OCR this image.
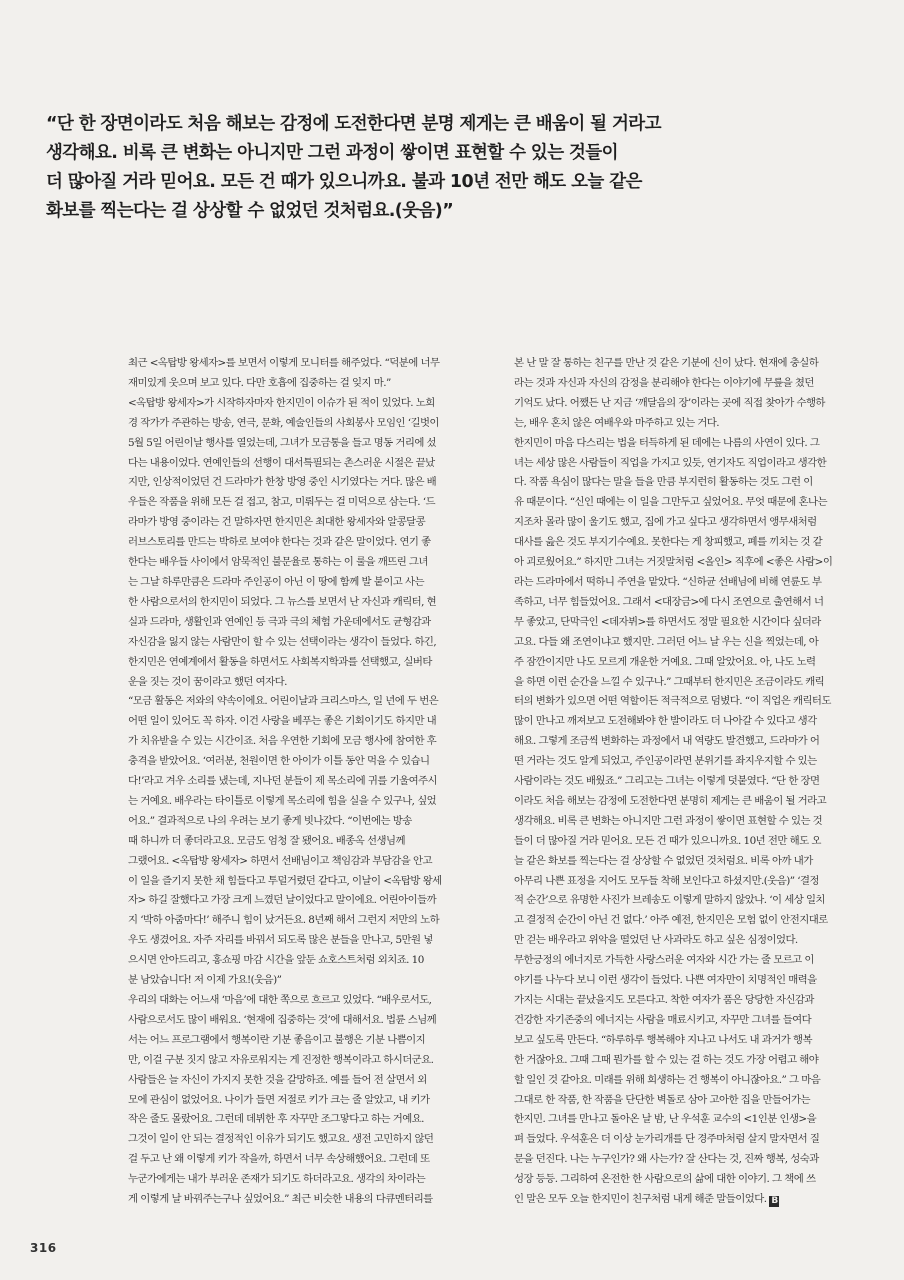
“단 한 장면이라도 처음 해보는 감정에 도전한다면 분명 제게는 큰 배움이 될 거라고

생각해요. 비록 큰 변화는 아니지만 그런 과정이 쌓이면 표현할 수 있는 것들이

더 많아질 거라 믿어요. 모든 건 때가 있으니까요. 불과 10년 전만 해도 오늘 같은

화보를 찍는다는 걸 상상할 수 없었던 것처럼요.(웃음)”

최근 <옥탑방 왕세자>를 보면서 이렇게 모니터를 해주었다. “덕분에 너무

재미있게 웃으며 보고 있다. 다만 호흡에 집중하는 걸 잊지 마.”

<옥탑방 왕세자>가 시작하자마자 한지민이 이슈가 된 적이 있었다. 노희

경 작가가 주관하는 방송, 연극, 문화, 예술인들의 사회봉사 모임인 ‘길벗이

5월 5일 어린이날 행사를 열었는데, 그녀가 모금통을 들고 명동 거리에 섰

다는 내용이었다. 연예인들의 선행이 대서특필되는 촌스러운 시절은 끝났

지만, 인상적이었던 건 드라마가 한창 방영 중인 시기였다는 거다. 많은 배

우들은 작품을 위해 모든 걸 접고, 참고, 미뤄두는 걸 미덕으로 삼는다. ‘드

라마가 방영 중이라는 건 말하자면 한지민은 최대한 왕세자와 알콩달콩

러브스토리를 만드는 박하로 보여야 한다는 것과 같은 말이었다. 연기 좋

한다는 배우들 사이에서 암묵적인 불문율로 통하는 이 룰을 깨뜨린 그녀

는 그날 하루만큼은 드라마 주인공이 아닌 이 땅에 함께 발 붙이고 사는

한 사람으로서의 한지민이 되었다. 그 뉴스를 보면서 난 자신과 캐릭터, 현

실과 드라마, 생활인과 연예인 등 극과 극의 체험 가운데에서도 균형감과

자신감을 잃지 않는 사람만이 할 수 있는 선택이라는 생각이 들었다. 하긴,

한지민은 연예계에서 활동을 하면서도 사회복지학과를 선택했고, 실버타

운을 짓는 것이 꿈이라고 했던 여자다.

“모금 활동은 저와의 약속이에요. 어린이날과 크리스마스, 일 년에 두 번은

어떤 일이 있어도 꼭 하자. 이건 사랑을 베푸는 좋은 기회이기도 하지만 내

가 치유받을 수 있는 시간이죠. 처음 우연한 기회에 모금 행사에 참여한 후

충격을 받았어요. ‘여러분, 천원이면 한 아이가 이틀 동안 먹을 수 있습니

다!’라고 겨우 소리를 냈는데, 지나던 분들이 제 목소리에 귀를 기울여주시

는 거예요. 배우라는 타이틀로 이렇게 목소리에 힘을 실을 수 있구나, 싶었

어요.” 결과적으로 나의 우려는 보기 좋게 빗나갔다. “이번에는 방송

때 하니까 더 좋더라고요. 모금도 엄청 잘 됐어요. 배종옥 선생님께

그랬어요. <옥탑방 왕세자> 하면서 선배님이고 책임감과 부담감을 안고

이 일을 즐기지 못한 채 힘들다고 투덜거렸던 같다고, 이날이 <옥탑방 왕세

자> 하길 잘했다고 가장 크게 느꼈던 날이었다고 말이에요. 어린아이들까

지 ‘박하 아줌마다!’ 해주니 힘이 났거든요. 8년째 해서 그런지 저만의 노하

우도 생겼어요. 자주 자리를 바꿔서 되도록 많은 분들을 만나고, 5만원 넣

으시면 안아드리고, 홍쇼핑 마감 시간을 앞둔 쇼호스트처럼 외치죠. 10

분 남았습니다! 저 이제 가요!(웃음)”

우리의 대화는 어느새 ‘마음’에 대한 쪽으로 흐르고 있었다. “배우로서도,

사람으로서도 많이 배워요. ‘현재에 집중하는 것’에 대해서요. 법륜 스님께

서는 어느 프로그램에서 행복이란 기분 좋음이고 불행은 기분 나쁨이지

만, 이걸 구분 짓지 않고 자유로워지는 게 진정한 행복이라고 하시더군요.

사람들은 늘 자신이 가지지 못한 것을 갈망하죠. 예를 들어 전 살면서 외

모에 관심이 없었어요. 나이가 들면 저절로 키가 크는 줄 알았고, 내 키가

작은 줄도 몰랐어요. 그런데 데뷔한 후 자꾸만 조그맣다고 하는 거예요.

그것이 일이 안 되는 결정적인 이유가 되기도 했고요. 생전 고민하지 않던

걸 두고 난 왜 이렇게 키가 작을까, 하면서 너무 속상해했어요. 그런데 또

누군가에게는 내가 부러운 존재가 되기도 하더라고요. 생각의 차이라는

게 이렇게 날 바꿔주는구나 싶었어요.” 최근 비슷한 내용의 다큐멘터리를

본 난 말 잘 통하는 친구를 만난 것 같은 기분에 신이 났다. 현재에 충실하

라는 것과 자신과 자신의 감정을 분리해야 한다는 이야기에 무릎을 쳤던

기억도 났다. 어쨌든 난 지금 ‘깨달음의 장’이라는 곳에 직접 찾아가 수행하

는, 배우 혼치 않은 여배우와 마주하고 있는 거다.

한지민이 마음 다스리는 법을 터득하게 된 데에는 나름의 사연이 있다. 그

녀는 세상 많은 사람들이 직업을 가지고 있듯, 연기자도 직업이라고 생각한

다. 작품 욕심이 많다는 말을 들을 만큼 부지런히 활동하는 것도 그런 이

유 때문이다. “신인 때에는 이 일을 그만두고 싶었어요. 무엇 때문에 혼나는

지조차 몰라 많이 울기도 했고, 집에 가고 싶다고 생각하면서 앵무새처럼

대사를 읊은 것도 부지기수예요. 못한다는 게 창피했고, 폐를 끼치는 것 같

아 괴로웠어요.” 하지만 그녀는 거짓말처럼 <올인> 직후에 <좋은 사람>이

라는 드라마에서 떡하니 주연을 맡았다. “신하균 선배님에 비해 연륜도 부

족하고, 너무 힘들었어요. 그래서 <대장금>에 다시 조연으로 출연해서 너

무 좋았고, 단막극인 <데자뷔>를 하면서도 정말 필요한 시간이다 싶더라

고요. 다들 왜 조연이냐고 했지만. 그러던 어느 날 우는 신을 찍었는데, 아

주 잠깐이지만 나도 모르게 개운한 거예요. 그때 알았어요. 아, 나도 노력

을 하면 이런 순간을 느낄 수 있구나.” 그때부터 한지민은 조금이라도 캐릭

터의 변화가 있으면 어떤 역할이든 적극적으로 덤볐다. “이 직업은 캐릭터도

많이 만나고 깨져보고 도전해봐야 한 발이라도 더 나아갈 수 있다고 생각

해요. 그렇게 조금씩 변화하는 과정에서 내 역량도 발견했고, 드라마가 어

떤 거라는 것도 알게 되었고, 주인공이라면 분위기를 좌지우지할 수 있는

사람이라는 것도 배웠죠.” 그리고는 그녀는 이렇게 덧붙였다. “단 한 장면

이라도 처음 해보는 감정에 도전한다면 분명히 제게는 큰 배움이 될 거라고

생각해요. 비록 큰 변화는 아니지만 그런 과정이 쌓이면 표현할 수 있는 것

들이 더 많아질 거라 믿어요. 모든 건 때가 있으니까요. 10년 전만 해도 오

늘 같은 화보를 찍는다는 걸 상상할 수 없었던 것처럼요. 비록 아까 내가

아무리 나쁜 표정을 지어도 모두들 착해 보인다고 하셨지만.(웃음)” ‘결정

적 순간’으로 유명한 사진가 브레송도 이렇게 말하지 않았나. ‘이 세상 일치

고 결정적 순간이 아닌 건 없다.’ 아주 예전, 한지민은 모험 없이 안전지대로

만 걷는 배우라고 위악을 떨었던 난 사과라도 하고 싶은 심정이었다.

무한긍정의 에너지로 가득한 사랑스러운 여자와 시간 가는 줄 모르고 이

야기를 나누다 보니 이런 생각이 들었다. 나쁜 여자만이 치명적인 매력을

가지는 시대는 끝났을지도 모른다고. 착한 여자가 품은 당당한 자신감과

건강한 자기존중의 에너지는 사람을 매료시키고, 자꾸만 그녀를 들여다

보고 싶도록 만든다. “하루하루 행복해야 지나고 나서도 내 과거가 행복

한 거잖아요. 그때 그때 뭔가를 할 수 있는 걸 하는 것도 가장 어렵고 해야

할 일인 것 같아요. 미래를 위해 희생하는 건 행복이 아니잖아요.” 그 마음

그대로 한 작품, 한 작품을 단단한 벽돌로 삼아 고아한 집을 만들어가는

한지민. 그녀를 만나고 돌아온 날 밤, 난 우석훈 교수의 <1인분 인생>을

펴 들었다. 우석훈은 더 이상 눈가리개를 단 경주마처럼 살지 말자면서 질

문을 던진다. 나는 누구인가? 왜 사는가? 잘 산다는 것, 진짜 행복, 성숙과

성장 등등. 그리하여 온전한 한 사람으로의 삶에 대한 이야기. 그 책에 쓰

인 말은 모두 오늘 한지민이 친구처럼 내게 해준 말들이었다. B

316
